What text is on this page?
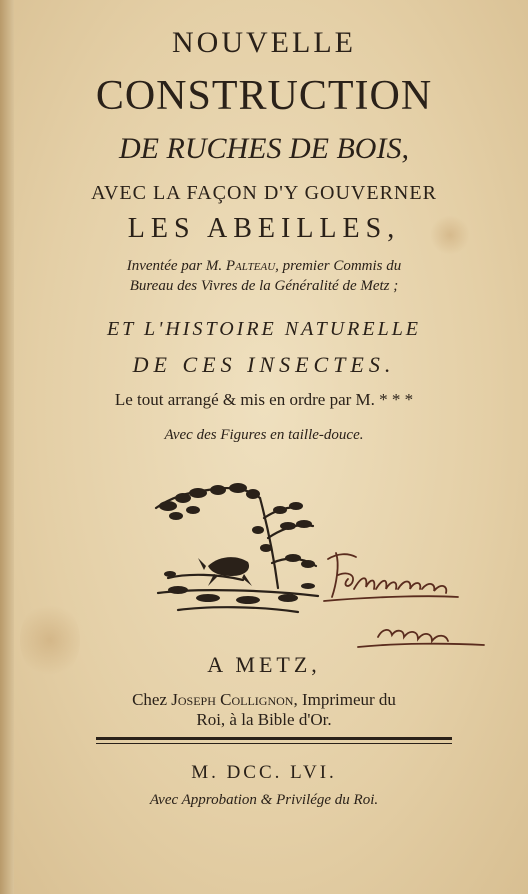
NOUVELLE
CONSTRUCTION
DE RUCHES DE BOIS,
AVEC LA FAÇON D'Y GOUVERNER
LES ABEILLES,
Inventée par M. Palteau, premier Commis du
Bureau des Vivres de la Généralité de Metz ;
ET L'HISTOIRE NATURELLE
DE CES INSECTES.
Le tout arrangé & mis en ordre par M. * * *
Avec des Figures en taille-douce.
A METZ,
Chez Joseph Collignon, Imprimeur du
Roi, à la Bible d'Or.
M. DCC. LVI.
Avec Approbation & Privilége du Roi.
